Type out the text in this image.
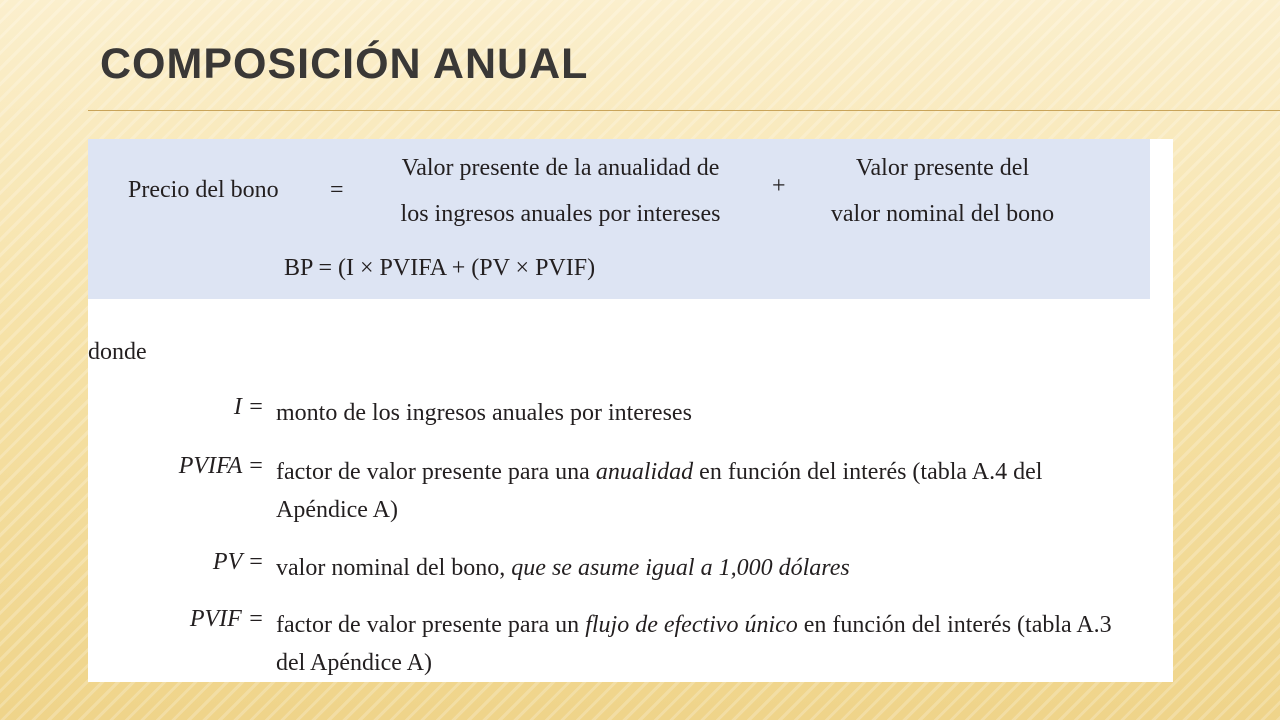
COMPOSICIÓN ANUAL
Precio del bono =
Valor presente de la anualidad de
los ingresos anuales por intereses
+
Valor presente del
valor nominal del bono
BP = (I × PVIFA + (PV × PVIF)
donde
I = monto de los ingresos anuales por intereses
PVIFA = factor de valor presente para una anualidad en función del interés (tabla A.4 del Apéndice A)
PV = valor nominal del bono, que se asume igual a 1,000 dólares
PVIF = factor de valor presente para un flujo de efectivo único en función del interés (tabla A.3 del Apéndice A)
